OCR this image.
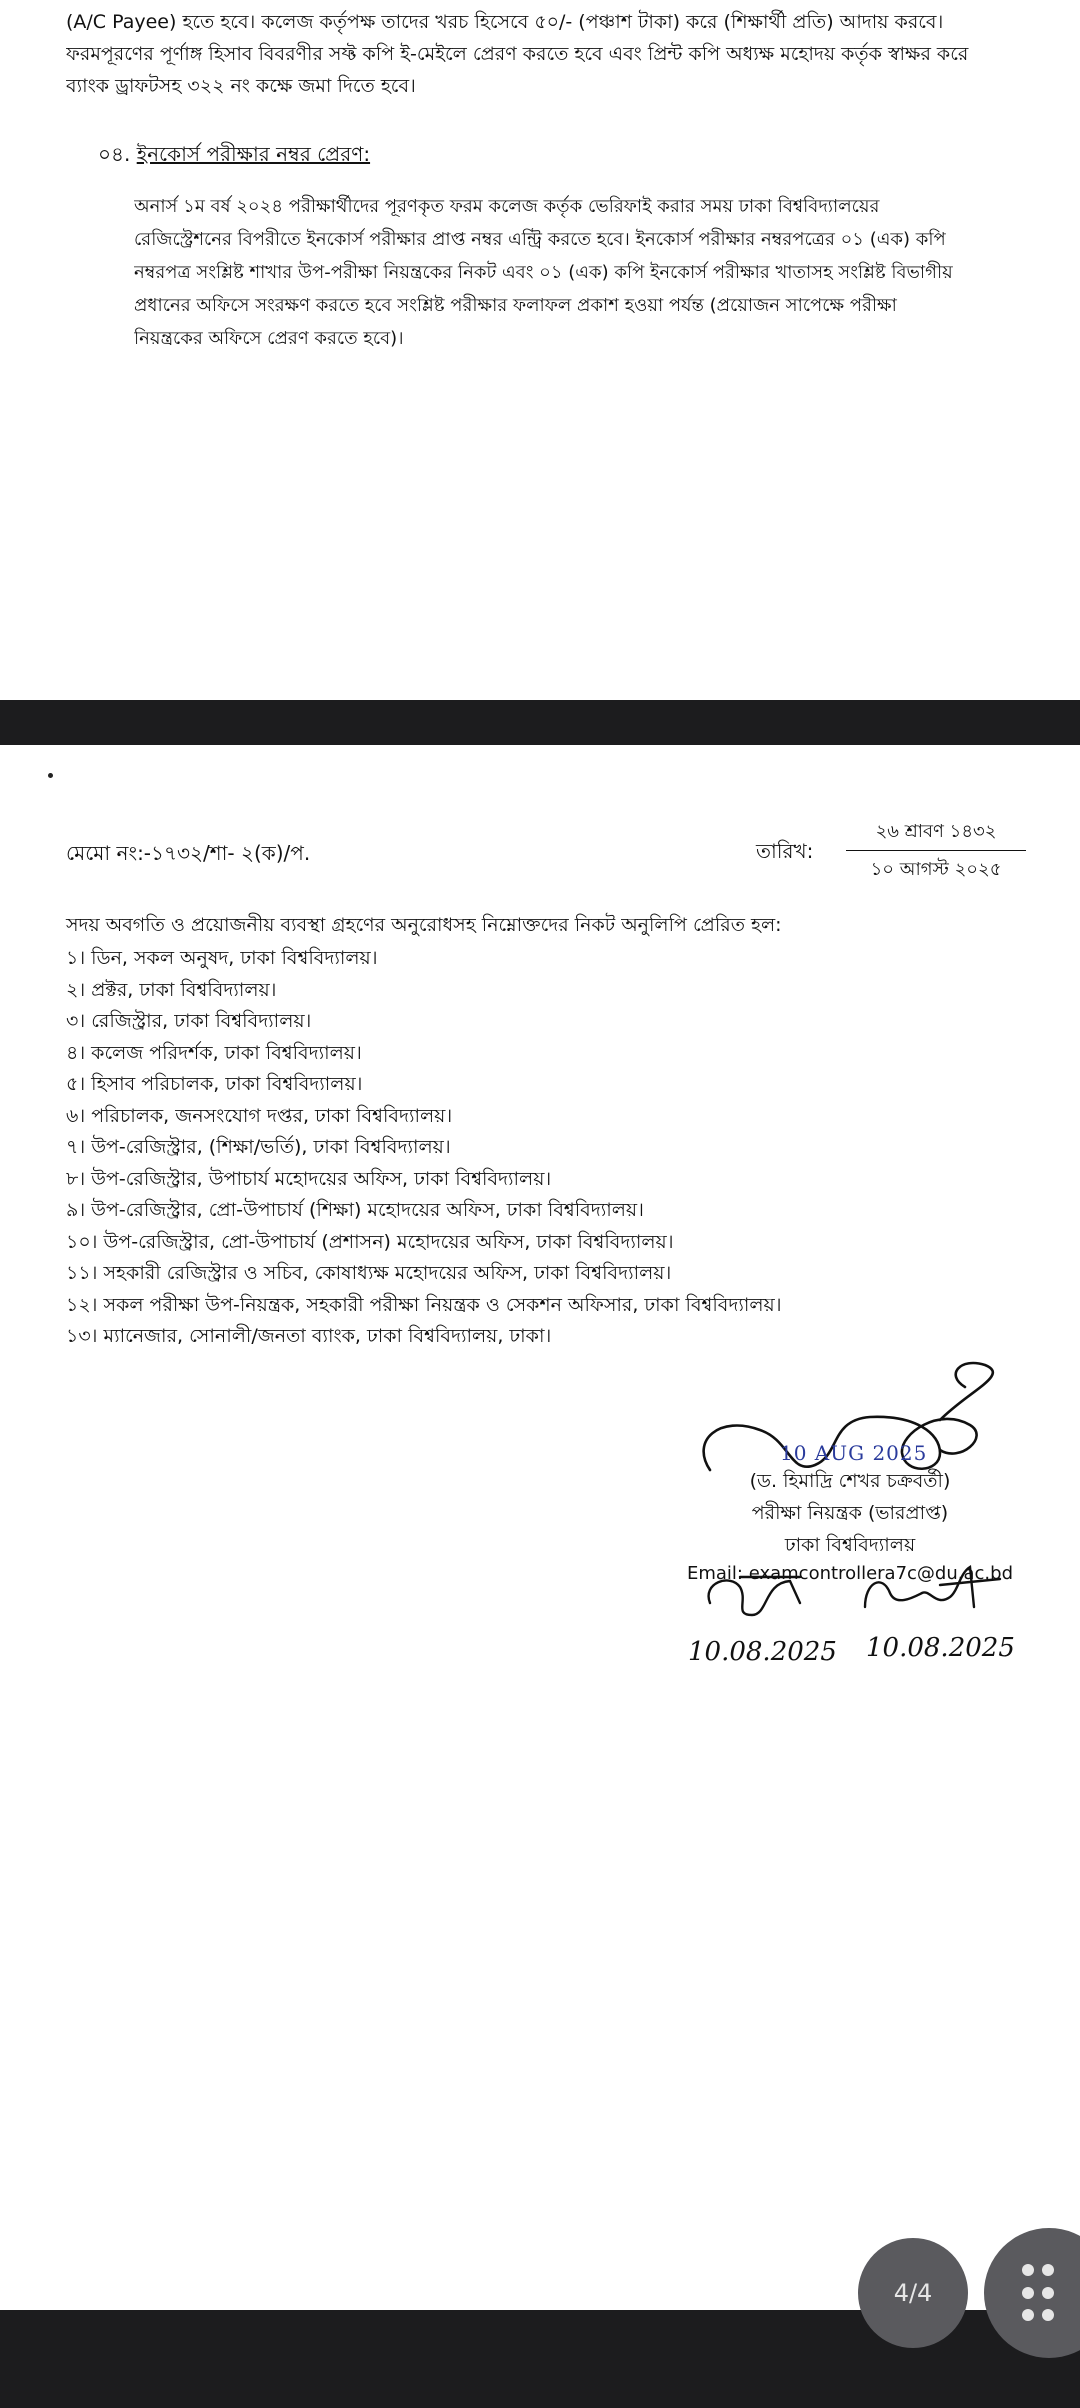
(A/C Payee) হতে হবে। কলেজ কর্তৃপক্ষ তাদের খরচ হিসেবে ৫০/- (পঞ্চাশ টাকা) করে (শিক্ষার্থী প্রতি) আদায় করবে।
ফরমপূরণের পূর্ণাঙ্গ হিসাব বিবরণীর সফ্ট কপি ই-মেইলে প্রেরণ করতে হবে এবং প্রিন্ট কপি অধ্যক্ষ মহোদয় কর্তৃক স্বাক্ষর করে
ব্যাংক ড্রাফটসহ ৩২২ নং কক্ষে জমা দিতে হবে।
০৪. ইনকোর্স পরীক্ষার নম্বর প্রেরণ:
অনার্স ১ম বর্ষ ২০২৪ পরীক্ষার্থীদের পূরণকৃত ফরম কলেজ কর্তৃক ভেরিফাই করার সময় ঢাকা বিশ্ববিদ্যালয়ের
রেজিস্ট্রেশনের বিপরীতে ইনকোর্স পরীক্ষার প্রাপ্ত নম্বর এন্ট্রি করতে হবে। ইনকোর্স পরীক্ষার নম্বরপত্রের ০১ (এক) কপি
নম্বরপত্র সংশ্লিষ্ট শাখার উপ-পরীক্ষা নিয়ন্ত্রকের নিকট এবং ০১ (এক) কপি ইনকোর্স পরীক্ষার খাতাসহ সংশ্লিষ্ট বিভাগীয়
প্রধানের অফিসে সংরক্ষণ করতে হবে সংশ্লিষ্ট পরীক্ষার ফলাফল প্রকাশ হওয়া পর্যন্ত (প্রয়োজন সাপেক্ষে পরীক্ষা
নিয়ন্ত্রকের অফিসে প্রেরণ করতে হবে)।
মেমো নং:-১৭৩২/শা- ২(ক)/প.	তারিখ:
২৬ শ্রাবণ ১৪৩২
১০ আগস্ট ২০২৫
সদয় অবগতি ও প্রয়োজনীয় ব্যবস্থা গ্রহণের অনুরোধসহ নিম্নোক্তদের নিকট অনুলিপি প্রেরিত হল:
১। ডিন, সকল অনুষদ, ঢাকা বিশ্ববিদ্যালয়।
২। প্রক্টর, ঢাকা বিশ্ববিদ্যালয়।
৩। রেজিস্ট্রার, ঢাকা বিশ্ববিদ্যালয়।
৪। কলেজ পরিদর্শক, ঢাকা বিশ্ববিদ্যালয়।
৫। হিসাব পরিচালক, ঢাকা বিশ্ববিদ্যালয়।
৬। পরিচালক, জনসংযোগ দপ্তর, ঢাকা বিশ্ববিদ্যালয়।
৭। উপ-রেজিস্ট্রার, (শিক্ষা/ভর্তি), ঢাকা বিশ্ববিদ্যালয়।
৮। উপ-রেজিস্ট্রার, উপাচার্য মহোদয়ের অফিস, ঢাকা বিশ্ববিদ্যালয়।
৯। উপ-রেজিস্ট্রার, প্রো-উপাচার্য (শিক্ষা) মহোদয়ের অফিস, ঢাকা বিশ্ববিদ্যালয়।
১০। উপ-রেজিস্ট্রার, প্রো-উপাচার্য (প্রশাসন) মহোদয়ের অফিস, ঢাকা বিশ্ববিদ্যালয়।
১১। সহকারী রেজিস্ট্রার ও সচিব, কোষাধ্যক্ষ মহোদয়ের অফিস, ঢাকা বিশ্ববিদ্যালয়।
১২। সকল পরীক্ষা উপ-নিয়ন্ত্রক, সহকারী পরীক্ষা নিয়ন্ত্রক ও সেকশন অফিসার, ঢাকা বিশ্ববিদ্যালয়।
১৩। ম্যানেজার, সোনালী/জনতা ব্যাংক, ঢাকা বিশ্ববিদ্যালয়, ঢাকা।
10 AUG 2025
(ড. হিমাদ্রি শেখর চক্রবর্তী)
পরীক্ষা নিয়ন্ত্রক (ভারপ্রাপ্ত)
ঢাকা বিশ্ববিদ্যালয়
Email: examcontrollera7c@du.ac.bd
10.08.2025 10.08.2025
4/4
